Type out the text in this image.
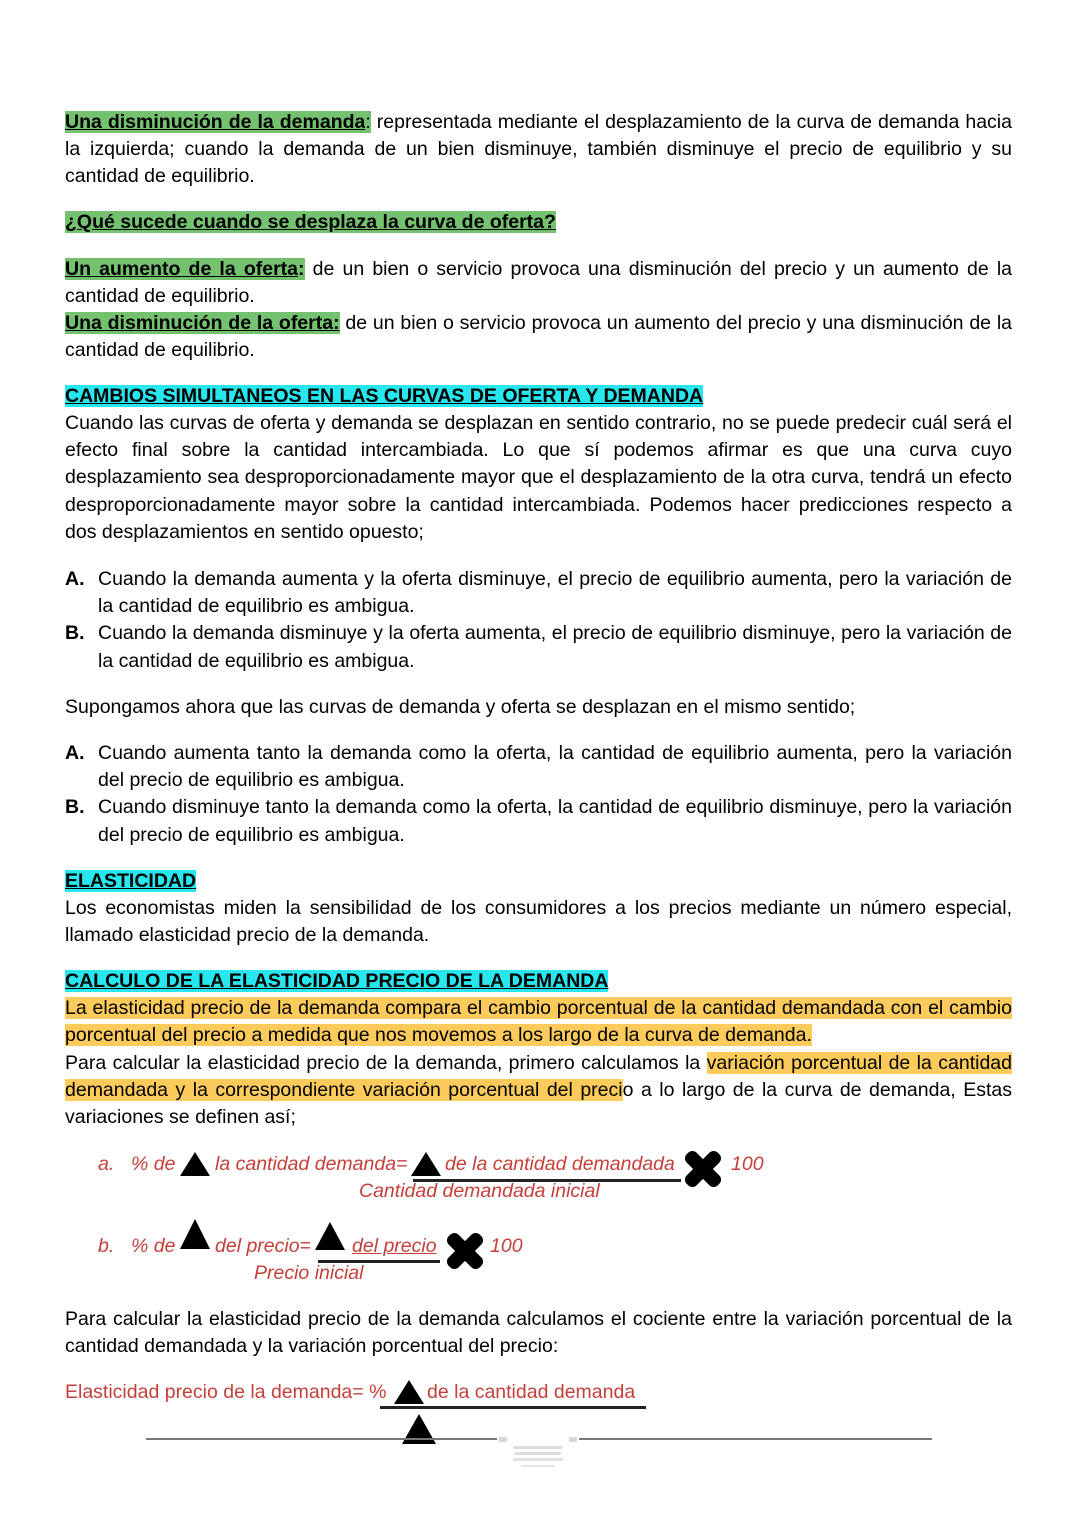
Una disminución de la demanda: representada mediante el desplazamiento de la curva de demanda hacia la izquierda; cuando la demanda de un bien disminuye, también disminuye el precio de equilibrio y su cantidad de equilibrio.
¿Qué sucede cuando se desplaza la curva de oferta?
Un aumento de la oferta: de un bien o servicio provoca una disminución del precio y un aumento de la cantidad de equilibrio.
Una disminución de la oferta: de un bien o servicio provoca un aumento del precio y una disminución de la cantidad de equilibrio.
CAMBIOS SIMULTANEOS EN LAS CURVAS DE OFERTA Y DEMANDA
Cuando las curvas de oferta y demanda se desplazan en sentido contrario, no se puede predecir cuál será el efecto final sobre la cantidad intercambiada. Lo que sí podemos afirmar es que una curva cuyo desplazamiento sea desproporcionadamente mayor que el desplazamiento de la otra curva, tendrá un efecto desproporcionadamente mayor sobre la cantidad intercambiada. Podemos hacer predicciones respecto a dos desplazamientos en sentido opuesto;
A. Cuando la demanda aumenta y la oferta disminuye, el precio de equilibrio aumenta, pero la variación de la cantidad de equilibrio es ambigua.
B. Cuando la demanda disminuye y la oferta aumenta, el precio de equilibrio disminuye, pero la variación de la cantidad de equilibrio es ambigua.
Supongamos ahora que las curvas de demanda y oferta se desplazan en el mismo sentido;
A. Cuando aumenta tanto la demanda como la oferta, la cantidad de equilibrio aumenta, pero la variación del precio de equilibrio es ambigua.
B. Cuando disminuye tanto la demanda como la oferta, la cantidad de equilibrio disminuye, pero la variación del precio de equilibrio es ambigua.
ELASTICIDAD
Los economistas miden la sensibilidad de los consumidores a los precios mediante un número especial, llamado elasticidad precio de la demanda.
CALCULO DE LA ELASTICIDAD PRECIO DE LA DEMANDA
La elasticidad precio de la demanda compara el cambio porcentual de la cantidad demandada con el cambio porcentual del precio a medida que nos movemos a los largo de la curva de demanda.
Para calcular la elasticidad precio de la demanda, primero calculamos la variación porcentual de la cantidad demandada y la correspondiente variación porcentual del precio a lo largo de la curva de demanda, Estas variaciones se definen así;
a. % de la cantidad demanda= de la cantidad demandada	100
Cantidad demandada inicial
b. % de del precio= del precio	100
Precio inicial
Para calcular la elasticidad precio de la demanda calculamos el cociente entre la variación porcentual de la cantidad demandada y la variación porcentual del precio:
Elasticidad precio de la demanda= % de la cantidad demanda
